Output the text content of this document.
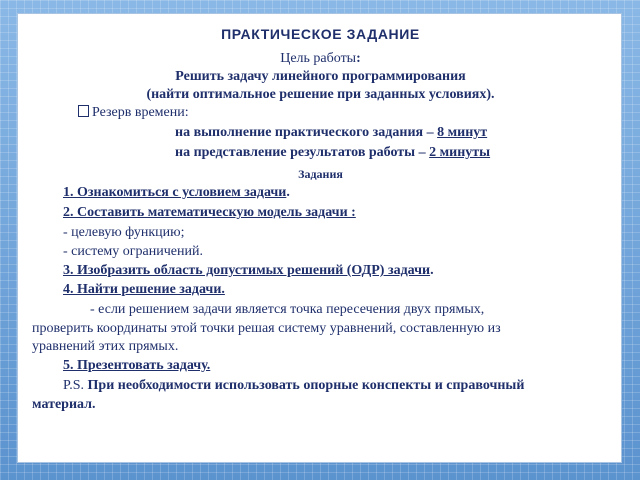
ПРАКТИЧЕСКОЕ ЗАДАНИЕ
Цель работы:
Решить задачу линейного программирования
(найти оптимальное решение при заданных условиях).
Резерв времени:
на выполнение практического задания – 8 минут
на представление результатов работы – 2 минуты
Задания
1. Ознакомиться с условием задачи.
2. Составить математическую модель задачи :
- целевую функцию;
- систему ограничений.
3. Изобразить область допустимых решений (ОДР) задачи.
4. Найти решение задачи.
- если решением задачи является точка пересечения двух прямых,
проверить координаты этой точки решая систему уравнений, составленную из
уравнений этих прямых.
5. Презентовать задачу.
P.S. При необходимости использовать опорные конспекты и справочный
материал.
